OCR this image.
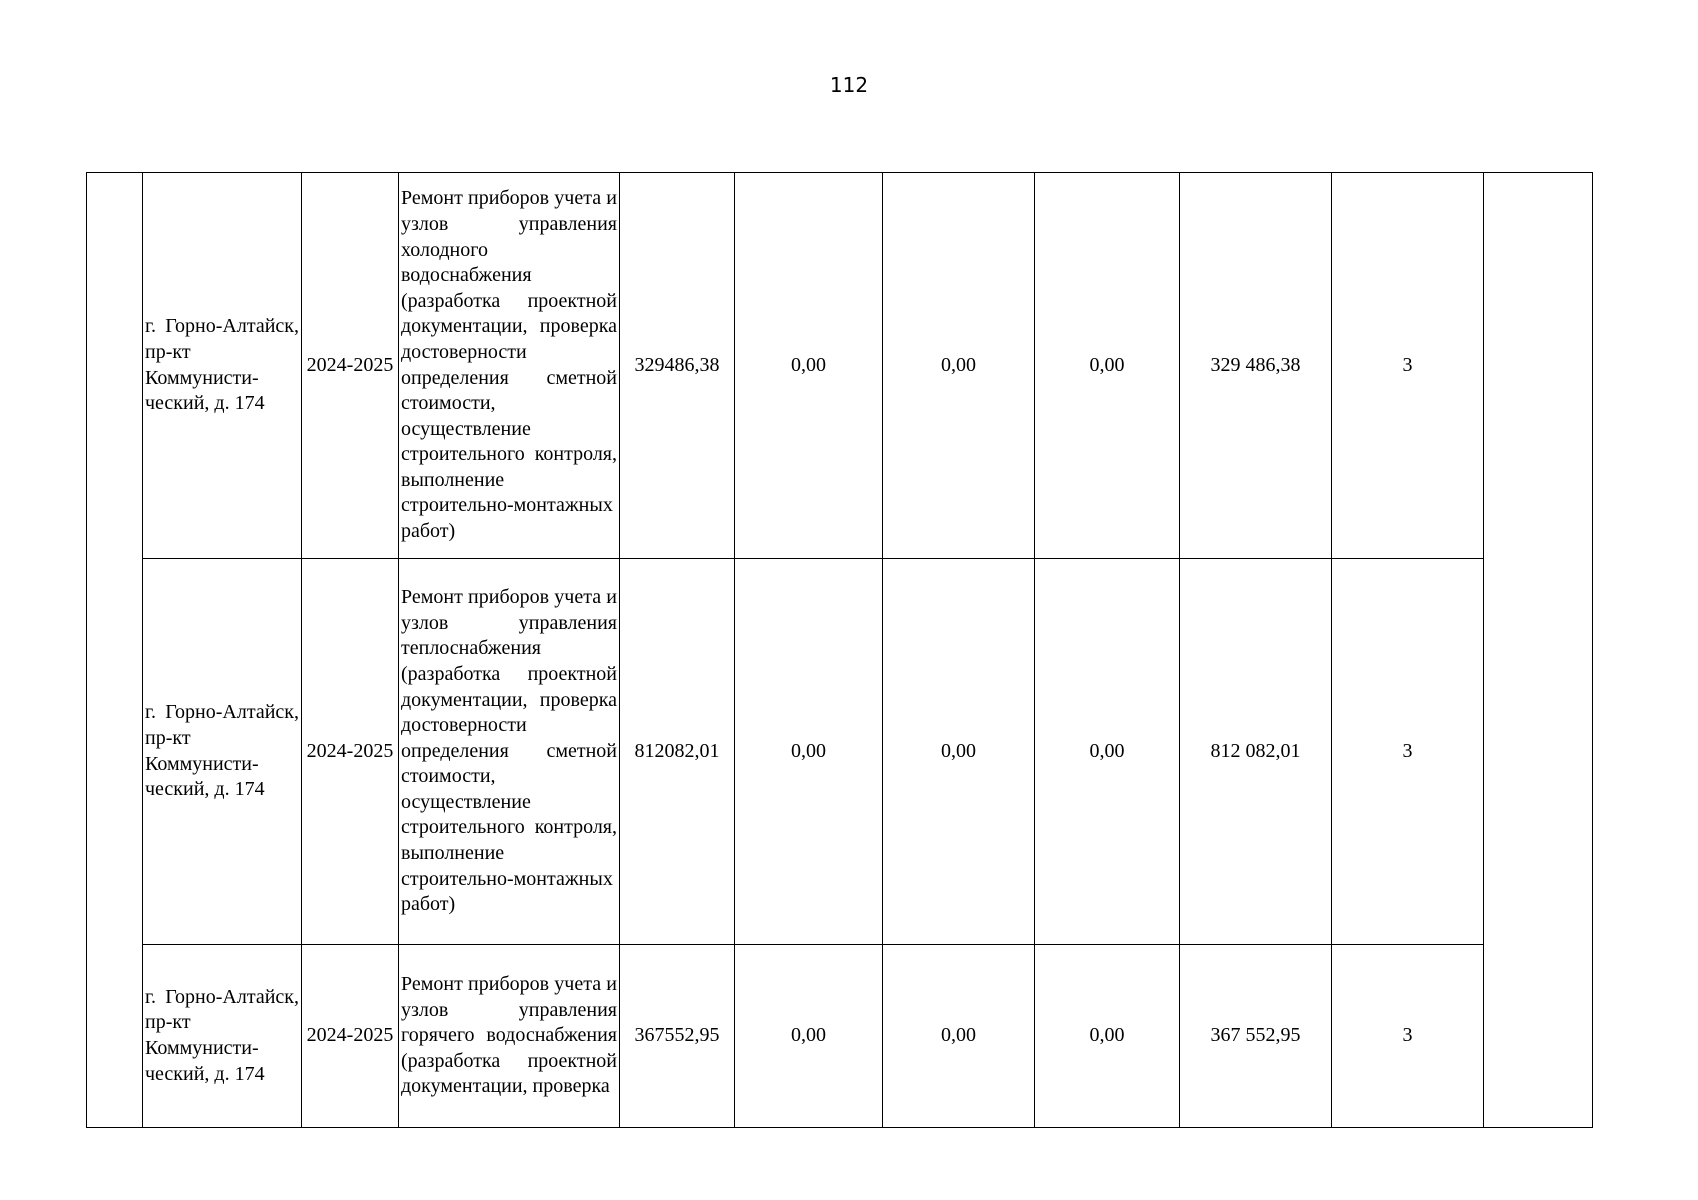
112
	г. Горно-Алтайск, пр-кт Коммунисти-ческий, д. 174	2024-2025	Ремонт приборов учета и узлов управления холодного водоснабжения (разработка проектной документации, проверка достоверности определения сметной стоимости, осуществление строительного контроля, выполнение строительно-монтажных работ)	329486,38	0,00	0,00	0,00	329 486,38	3	
	г. Горно-Алтайск, пр-кт Коммунисти-ческий, д. 174	2024-2025	Ремонт приборов учета и узлов управления теплоснабжения (разработка проектной документации, проверка достоверности определения сметной стоимости, осуществление строительного контроля, выполнение строительно-монтажных работ)	812082,01	0,00	0,00	0,00	812 082,01	3	
	г. Горно-Алтайск, пр-кт Коммунисти-ческий, д. 174	2024-2025	Ремонт приборов учета и узлов управления горячего водоснабжения (разработка проектной документации, проверка	367552,95	0,00	0,00	0,00	367 552,95	3	
